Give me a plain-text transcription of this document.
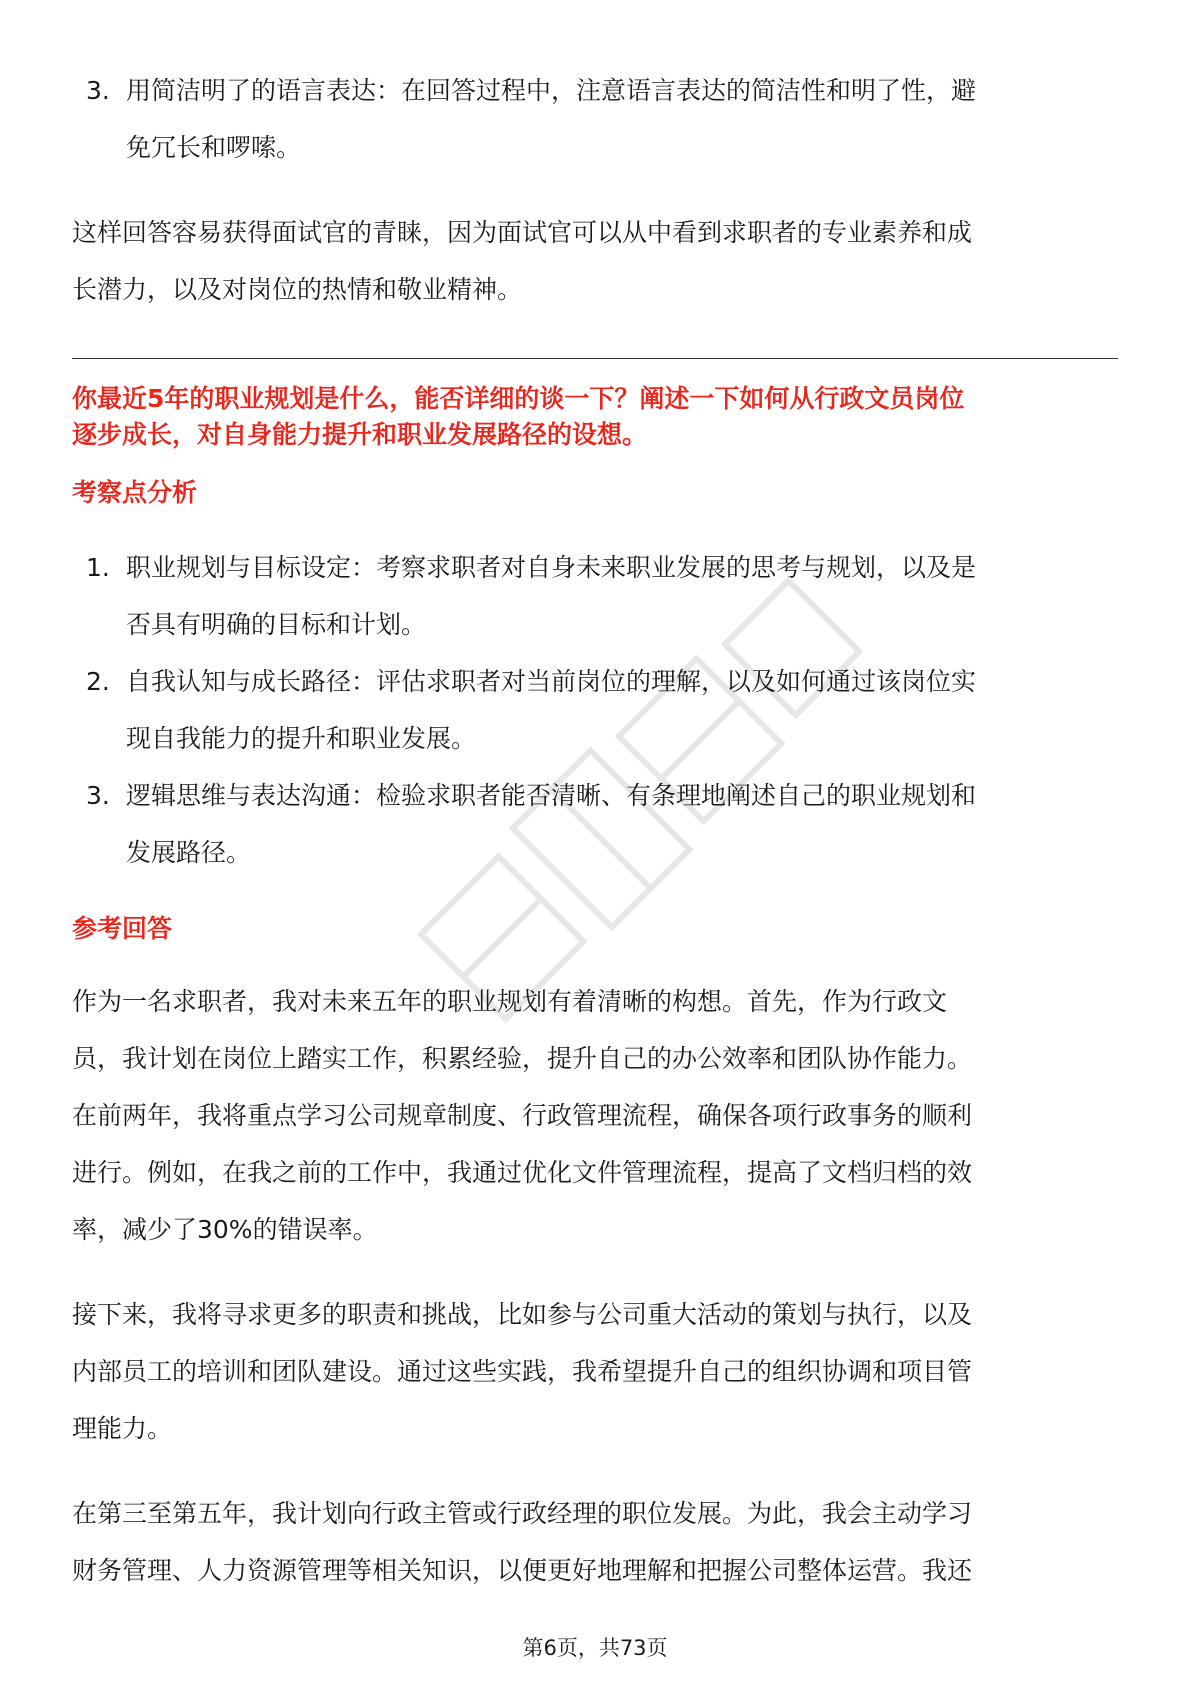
3. 用简洁明了的语言表达：在回答过程中，注意语言表达的简洁性和明了性，避
免冗长和啰嗦。

这样回答容易获得面试官的青睐，因为面试官可以从中看到求职者的专业素养和成
长潜力，以及对岗位的热情和敬业精神。

你最近5年的职业规划是什么，能否详细的谈一下？阐述一下如何从行政文员岗位
逐步成长，对自身能力提升和职业发展路径的设想。

考察点分析
1. 职业规划与目标设定：考察求职者对自身未来职业发展的思考与规划，以及是
否具有明确的目标和计划。
2. 自我认知与成长路径：评估求职者对当前岗位的理解，以及如何通过该岗位实
现自我能力的提升和职业发展。
3. 逻辑思维与表达沟通：检验求职者能否清晰、有条理地阐述自己的职业规划和
发展路径。
参考回答

作为一名求职者，我对未来五年的职业规划有着清晰的构想。首先，作为行政文
员，我计划在岗位上踏实工作，积累经验，提升自己的办公效率和团队协作能力。
在前两年，我将重点学习公司规章制度、行政管理流程，确保各项行政事务的顺利
进行。例如，在我之前的工作中，我通过优化文件管理流程，提高了文档归档的效
率，减少了30%的错误率。

接下来，我将寻求更多的职责和挑战，比如参与公司重大活动的策划与执行，以及
内部员工的培训和团队建设。通过这些实践，我希望提升自己的组织协调和项目管
理能力。

在第三至第五年，我计划向行政主管或行政经理的职位发展。为此，我会主动学习
财务管理、人力资源管理等相关知识，以便更好地理解和把握公司整体运营。我还

第6页，共73页
